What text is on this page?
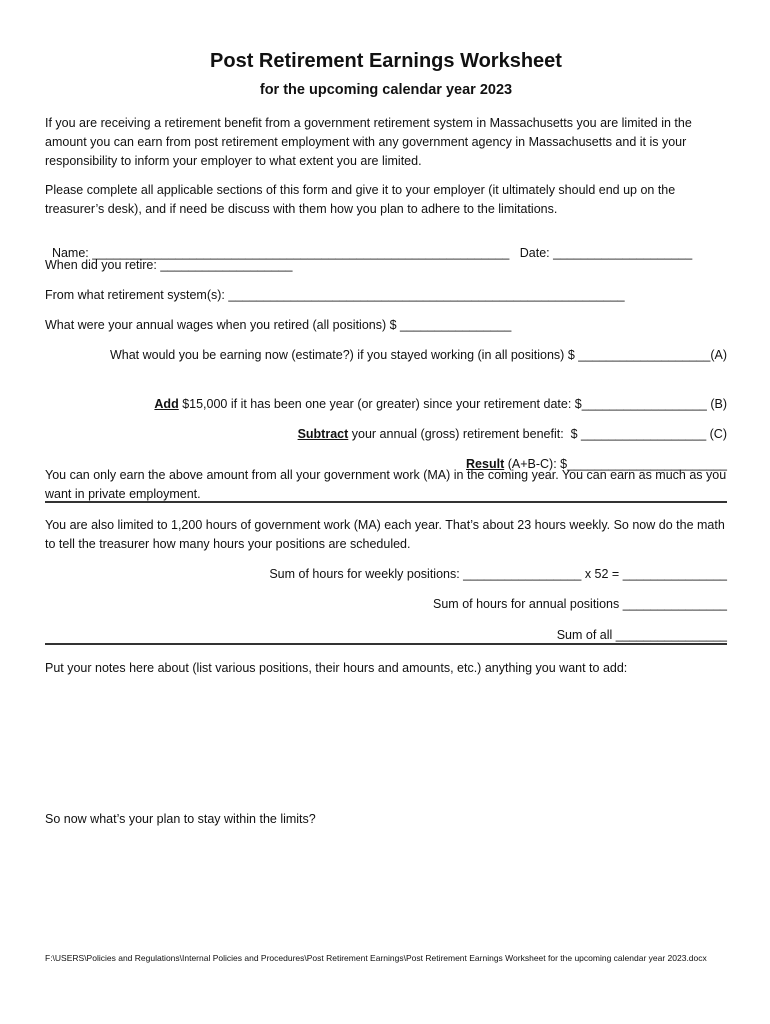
Post Retirement Earnings Worksheet
for the upcoming calendar year 2023

If you are receiving a retirement benefit from a government retirement system in Massachusetts you are limited in the amount you can earn from post retirement employment with any government agency in Massachusetts and it is your responsibility to inform your employer to what extent you are limited.

Please complete all applicable sections of this form and give it to your employer (it ultimately should end up on the treasurer’s desk), and if need be discuss with them how you plan to adhere to the limitations.

Name: ____________________________________________________________ Date: ____________________

When did you retire: ___________________
From what retirement system(s): _________________________________________________________
What were your annual wages when you retired (all positions) $ ________________
What would you be earning now (estimate?) if you stayed working (in all positions) $ ___________________(A)

Add $15,000 if it has been one year (or greater) since your retirement date: $__________________ (B)

Subtract your annual (gross) retirement benefit:  $ __________________ (C)

Result (A+B-C): $_______________________

You can only earn the above amount from all your government work (MA) in the coming year. You can earn as much as you want in private employment.

You are also limited to 1,200 hours of government work (MA) each year. That’s about 23 hours weekly. So now do the math to tell the treasurer how many hours your positions are scheduled.

Sum of hours for weekly positions: _________________ x 52 = _______________
Sum of hours for annual positions _______________
Sum of all ________________
Put your notes here about (list various positions, their hours and amounts, etc.) anything you want to add:
So now what’s your plan to stay within the limits?
F:\USERS\Policies and Regulations\Internal Policies and Procedures\Post Retirement Earnings\Post Retirement Earnings Worksheet for the upcoming calendar year 2023.docx
